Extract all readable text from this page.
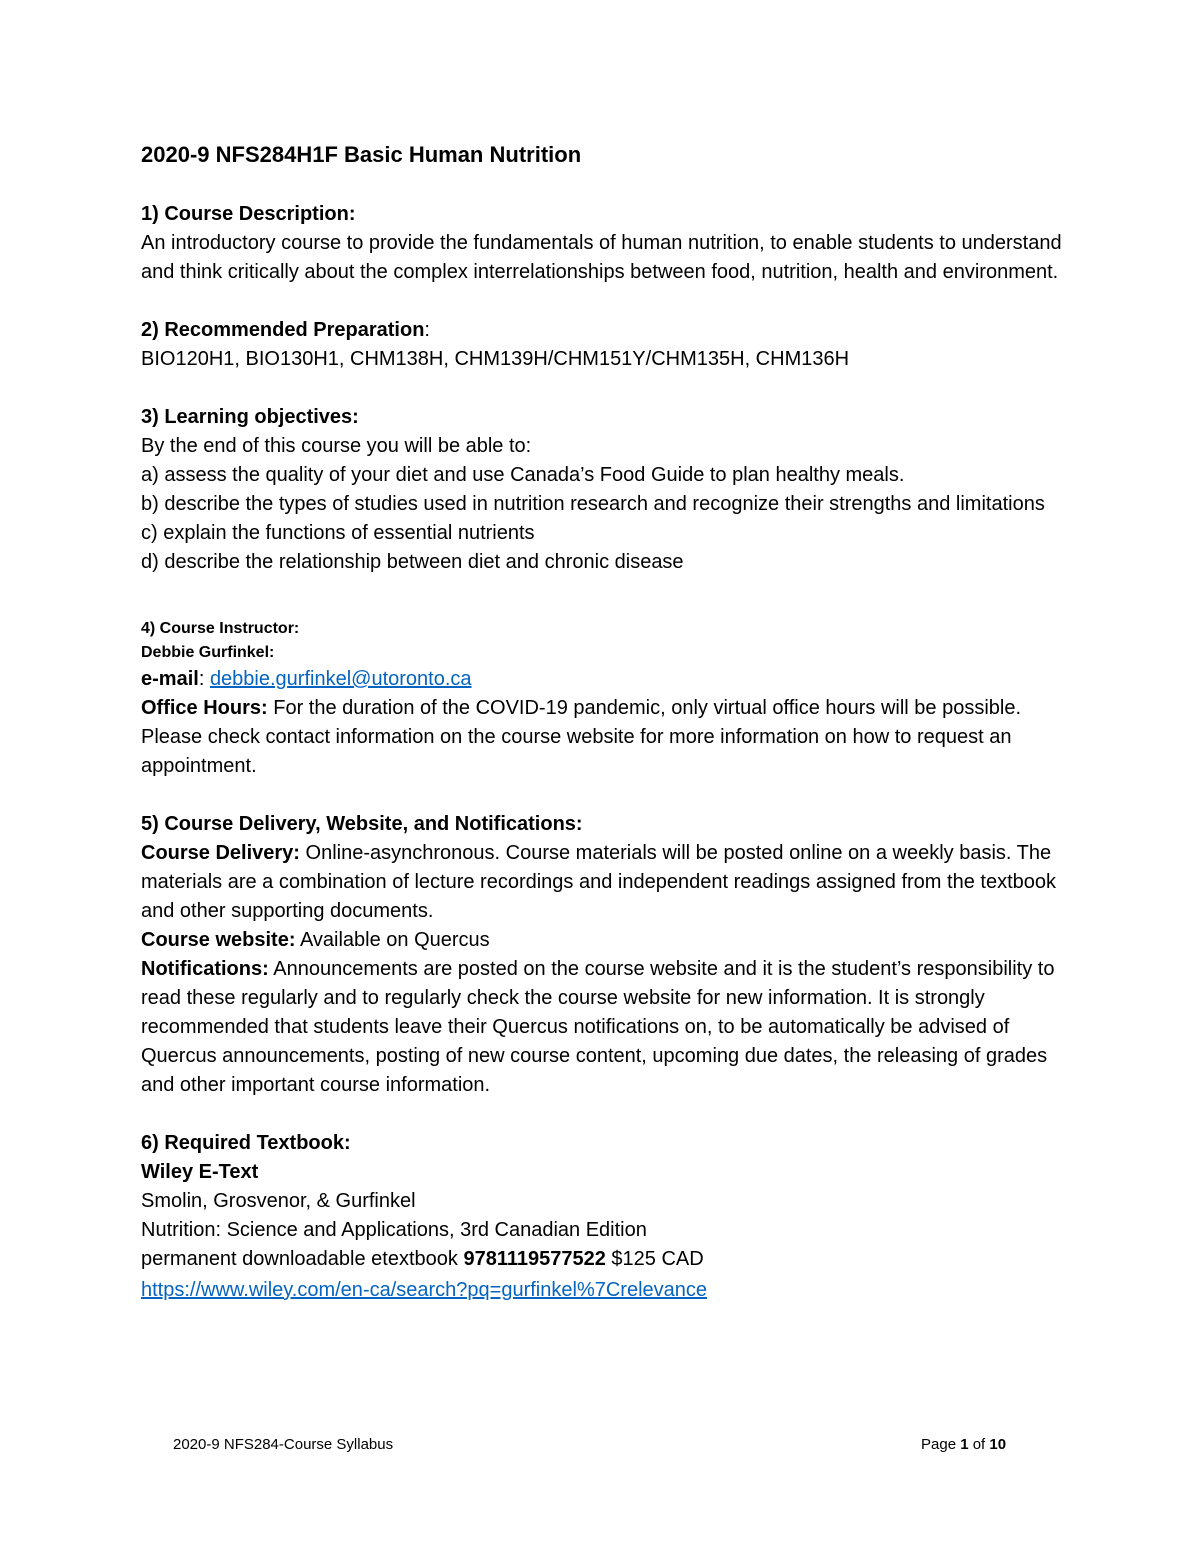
2020-9 NFS284H1F Basic Human Nutrition

1) Course Description:

An introductory course to provide the fundamentals of human nutrition, to enable students to understand and think critically about the complex interrelationships between food, nutrition, health and environment.

2) Recommended Preparation:

BIO120H1, BIO130H1, CHM138H, CHM139H/CHM151Y/CHM135H, CHM136H

3) Learning objectives:

By the end of this course you will be able to:

a) assess the quality of your diet and use Canada’s Food Guide to plan healthy meals.

b) describe the types of studies used in nutrition research and recognize their strengths and limitations

c) explain the functions of essential nutrients

d) describe the relationship between diet and chronic disease

4) Course Instructor:

Debbie Gurfinkel:

e-mail: debbie.gurfinkel@utoronto.ca

Office Hours: For the duration of the COVID-19 pandemic, only virtual office hours will be possible. Please check contact information on the course website for more information on how to request an appointment.

5) Course Delivery, Website, and Notifications:

Course Delivery: Online-asynchronous. Course materials will be posted online on a weekly basis. The materials are a combination of lecture recordings and independent readings assigned from the textbook and other supporting documents.

Course website: Available on Quercus

Notifications: Announcements are posted on the course website and it is the student’s responsibility to read these regularly and to regularly check the course website for new information. It is strongly recommended that students leave their Quercus notifications on, to be automatically be advised of Quercus announcements, posting of new course content, upcoming due dates, the releasing of grades and other important course information.

6) Required Textbook:

Wiley E-Text

Smolin, Grosvenor, & Gurfinkel

Nutrition: Science and Applications, 3rd Canadian Edition

permanent downloadable etextbook 9781119577522 $125 CAD

https://www.wiley.com/en-ca/search?pq=gurfinkel%7Crelevance

2020-9 NFS284-Course Syllabus	Page 1 of 10
